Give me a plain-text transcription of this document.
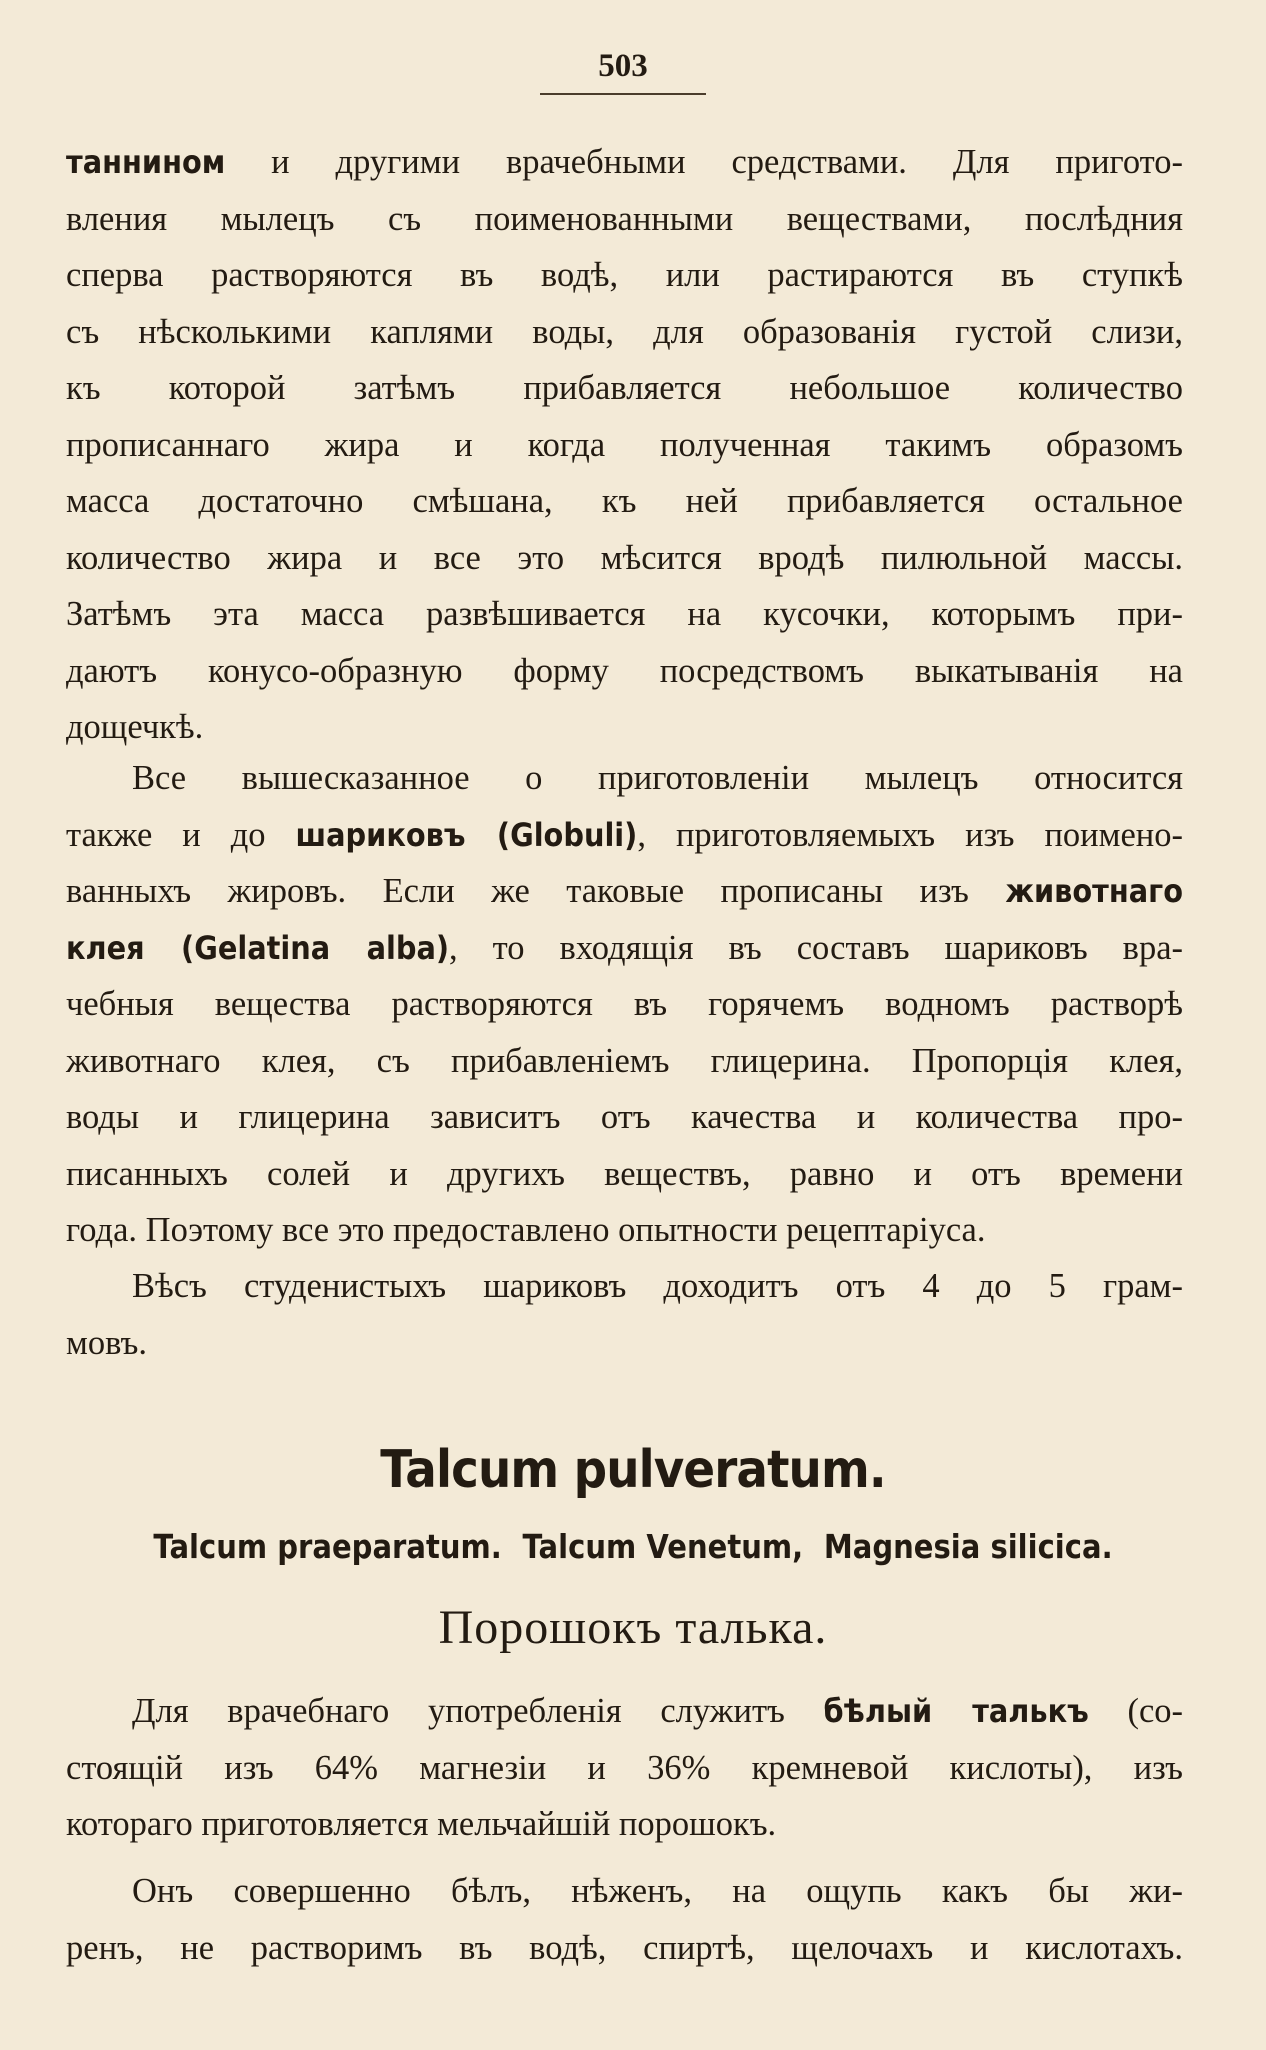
503

таннином и другими врачебными средствами. Для пригото-

вления мылецъ съ поименованными веществами, послѣдния

сперва растворяются въ водѣ, или растираются въ ступкѣ

съ нѣсколькими каплями воды, для образованія густой слизи,

къ которой затѣмъ прибавляется небольшое количество

прописаннаго жира и когда полученная такимъ образомъ

масса достаточно смѣшана, къ ней прибавляется остальное

количество жира и все это мѣсится вродѣ пилюльной массы.

Затѣмъ эта масса развѣшивается на кусочки, которымъ при-

даютъ конусо-образную форму посредствомъ выкатыванія на

дощечкѣ.

Все вышесказанное о приготовленіи мылецъ относится

также и до шариковъ (Globuli), приготовляемыхъ изъ поимено-

ванныхъ жировъ. Если же таковые прописаны изъ животнаго

клея (Gelatina alba), то входящія въ составъ шариковъ вра-

чебныя вещества растворяются въ горячемъ водномъ растворѣ

животнаго клея, съ прибавленіемъ глицерина. Пропорція клея,

воды и глицерина зависитъ отъ качества и количества про-

писанныхъ солей и другихъ веществъ, равно и отъ времени

года. Поэтому все это предоставлено опытности рецептаріуса.

Вѣсъ студенистыхъ шариковъ доходитъ отъ 4 до 5 грам-

мовъ.

Talcum pulveratum.
Talcum praeparatum. Talcum Venetum, Magnesia silicica.
Порошокъ талька.

Для врачебнаго употребленія служитъ бѣлый талькъ (со-

стоящій изъ 64% магнезіи и 36% кремневой кислоты), изъ

котораго приготовляется мельчайшій порошокъ.

Онъ совершенно бѣлъ, нѣженъ, на ощупь какъ бы жи-

ренъ, не растворимъ въ водѣ, спиртѣ, щелочахъ и кислотахъ.
